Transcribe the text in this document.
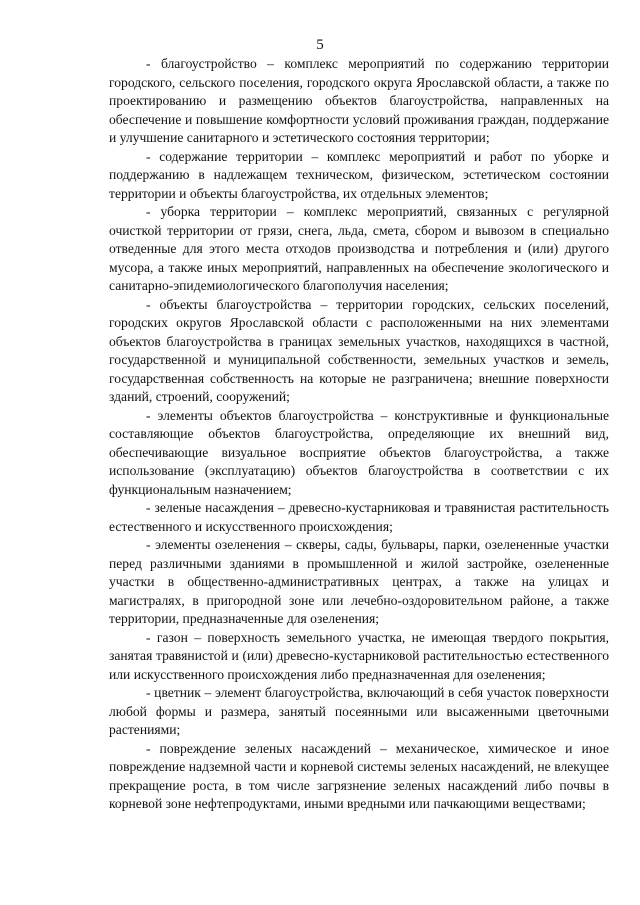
5

- благоустройство – комплекс мероприятий по содержанию территории городского, сельского поселения, городского округа Ярославской области, а также по проектированию и размещению объектов благоустройства, направленных на обеспечение и повышение комфортности условий проживания граждан, поддержание и улучшение санитарного и эстетического состояния территории;

- содержание территории – комплекс мероприятий и работ по уборке и поддержанию в надлежащем техническом, физическом, эстетическом состоянии территории и объекты благоустройства, их отдельных элементов;

- уборка территории – комплекс мероприятий, связанных с регулярной очисткой территории от грязи, снега, льда, смета, сбором и вывозом в специально отведенные для этого места отходов производства и потребления и (или) другого мусора, а также иных мероприятий, направленных на обеспечение экологического и санитарно-эпидемиологического благополучия населения;

- объекты благоустройства – территории городских, сельских поселений, городских округов Ярославской области с расположенными на них элементами объектов благоустройства в границах земельных участков, находящихся в частной, государственной и муниципальной собственности, земельных участков и земель, государственная собственность на которые не разграничена; внешние поверхности зданий, строений, сооружений;

- элементы объектов благоустройства – конструктивные и функциональные составляющие объектов благоустройства, определяющие их внешний вид, обеспечивающие визуальное восприятие объектов благоустройства, а также использование (эксплуатацию) объектов благоустройства в соответствии с их функциональным назначением;

- зеленые насаждения – древесно-кустарниковая и травянистая растительность естественного и искусственного происхождения;

- элементы озеленения – скверы, сады, бульвары, парки, озелененные участки перед различными зданиями в промышленной и жилой застройке, озелененные участки в общественно-административных центрах, а также на улицах и магистралях, в пригородной зоне или лечебно-оздоровительном районе, а также территории, предназначенные для озеленения;

- газон – поверхность земельного участка, не имеющая твердого покрытия, занятая травянистой и (или) древесно-кустарниковой растительностью естественного или искусственного происхождения либо предназначенная для озеленения;

- цветник – элемент благоустройства, включающий в себя участок поверхности любой формы и размера, занятый посеянными или высаженными цветочными растениями;

- повреждение зеленых насаждений – механическое, химическое и иное повреждение надземной части и корневой системы зеленых насаждений, не влекущее прекращение роста, в том числе загрязнение зеленых насаждений либо почвы в корневой зоне нефтепродуктами, иными вредными или пачкающими веществами;
